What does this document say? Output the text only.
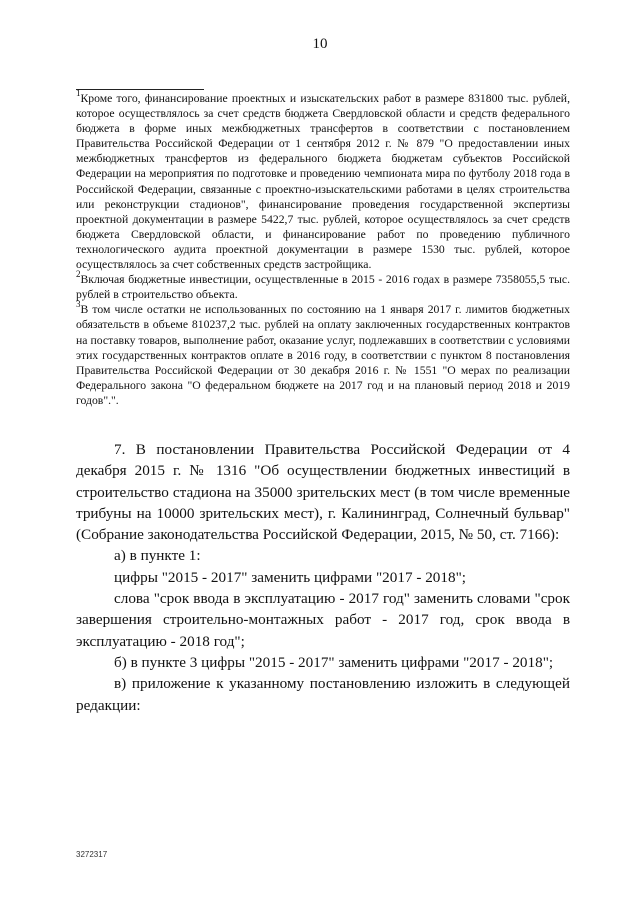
10

$^1$Кроме того, финансирование проектных и изыскательских работ в размере 831800 тыс. рублей, которое осуществлялось за счет средств бюджета Свердловской области и средств федерального бюджета в форме иных межбюджетных трансфертов в соответствии с постановлением Правительства Российской Федерации от 1 сентября 2012 г. № 879 "О предоставлении иных межбюджетных трансфертов из федерального бюджета бюджетам субъектов Российской Федерации на мероприятия по подготовке и проведению чемпионата мира по футболу 2018 года в Российской Федерации, связанные с проектно-изыскательскими работами в целях строительства или реконструкции стадионов", финансирование проведения государственной экспертизы проектной документации в размере 5422,7 тыс. рублей, которое осуществлялось за счет средств бюджета Свердловской области, и финансирование работ по проведению публичного технологического аудита проектной документации в размере 1530 тыс. рублей, которое осуществлялось за счет собственных средств застройщика.

$^2$Включая бюджетные инвестиции, осуществленные в 2015 - 2016 годах в размере 7358055,5 тыс. рублей в строительство объекта.

$^3$В том числе остатки не использованных по состоянию на 1 января 2017 г. лимитов бюджетных обязательств в объеме 810237,2 тыс. рублей на оплату заключенных государственных контрактов на поставку товаров, выполнение работ, оказание услуг, подлежавших в соответствии с условиями этих государственных контрактов оплате в 2016 году, в соответствии с пунктом 8 постановления Правительства Российской Федерации от 30 декабря 2016 г. № 1551 "О мерах по реализации Федерального закона "О федеральном бюджете на 2017 год и на плановый период 2018 и 2019 годов".".

7. В постановлении Правительства Российской Федерации от 4 декабря 2015 г. № 1316 "Об осуществлении бюджетных инвестиций в строительство стадиона на 35000 зрительских мест (в том числе временные трибуны на 10000 зрительских мест), г. Калининград, Солнечный бульвар" (Собрание законодательства Российской Федерации, 2015, № 50, ст. 7166):

а) в пункте 1:

цифры "2015 - 2017" заменить цифрами "2017 - 2018";

слова "срок ввода в эксплуатацию - 2017 год" заменить словами "срок завершения строительно-монтажных работ - 2017 год, срок ввода в эксплуатацию - 2018 год";

б) в пункте 3 цифры "2015 - 2017" заменить цифрами "2017 - 2018";

в) приложение к указанному постановлению изложить в следующей редакции:

3272317
